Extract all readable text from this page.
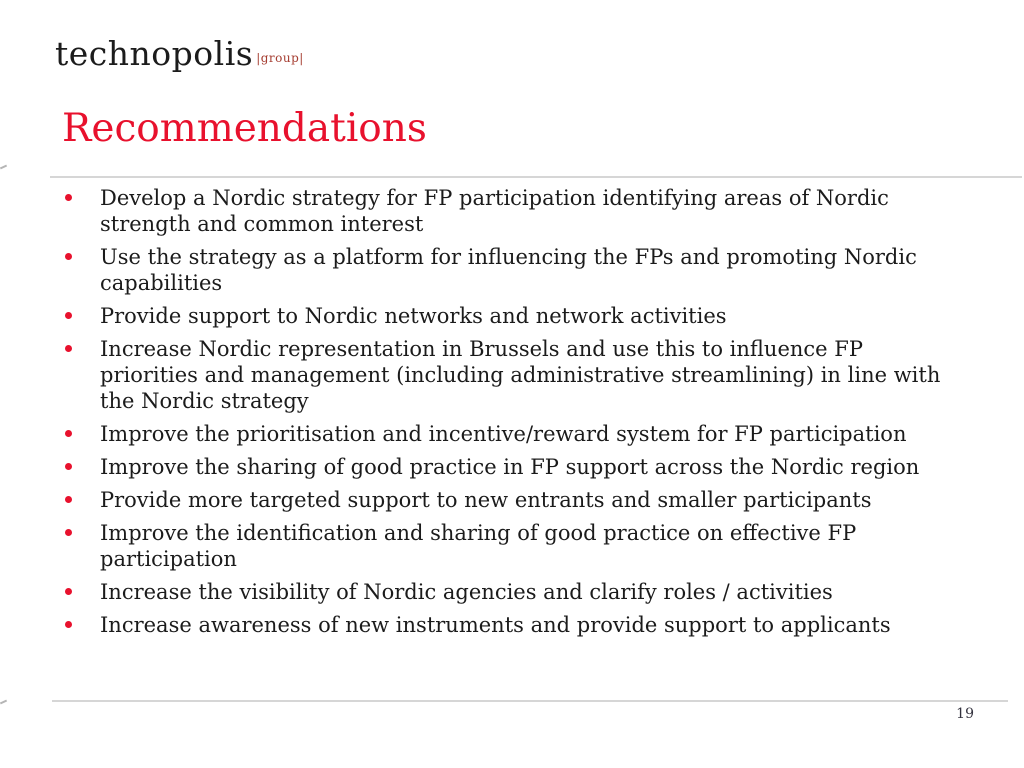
technopolis |group|
Recommendations
Develop a Nordic strategy for FP participation identifying areas of Nordic strength and common interest
Use the strategy as a platform for influencing the FPs and promoting Nordic capabilities
Provide support to Nordic networks and network activities
Increase Nordic representation in Brussels and use this to influence FP priorities and management (including administrative streamlining) in line with the Nordic strategy
Improve the prioritisation and incentive/reward system for FP participation
Improve the sharing of good practice in FP support across the Nordic region
Provide more targeted support to new entrants and smaller participants
Improve the identification and sharing of good practice on effective FP participation
Increase the visibility of Nordic agencies and clarify roles / activities
Increase awareness of new instruments and provide support to applicants
19
